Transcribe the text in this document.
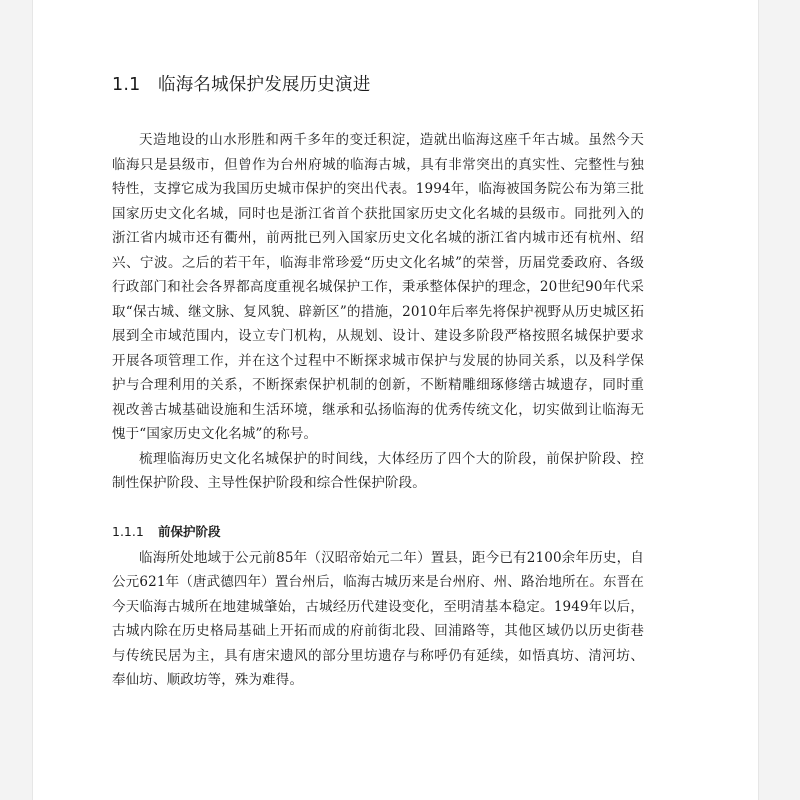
1.1 临海名城保护发展历史演进

天造地设的山水形胜和两千多年的变迁积淀，造就出临海这座千年古城。虽然今天临海只是县级市，但曾作为台州府城的临海古城，具有非常突出的真实性、完整性与独特性，支撑它成为我国历史城市保护的突出代表。1994年，临海被国务院公布为第三批国家历史文化名城，同时也是浙江省首个获批国家历史文化名城的县级市。同批列入的浙江省内城市还有衢州，前两批已列入国家历史文化名城的浙江省内城市还有杭州、绍兴、宁波。之后的若干年，临海非常珍爱“历史文化名城”的荣誉，历届党委政府、各级行政部门和社会各界都高度重视名城保护工作，秉承整体保护的理念，20世纪90年代采取“保古城、继文脉、复风貌、辟新区”的措施，2010年后率先将保护视野从历史城区拓展到全市域范围内，设立专门机构，从规划、设计、建设多阶段严格按照名城保护要求开展各项管理工作，并在这个过程中不断探求城市保护与发展的协同关系，以及科学保护与合理利用的关系，不断探索保护机制的创新，不断精雕细琢修缮古城遗存，同时重视改善古城基础设施和生活环境，继承和弘扬临海的优秀传统文化，切实做到让临海无愧于“国家历史文化名城”的称号。

梳理临海历史文化名城保护的时间线，大体经历了四个大的阶段，前保护阶段、控制性保护阶段、主导性保护阶段和综合性保护阶段。

1.1.1 前保护阶段

临海所处地域于公元前85年（汉昭帝始元二年）置县，距今已有2100余年历史，自公元621年（唐武德四年）置台州后，临海古城历来是台州府、州、路治地所在。东晋在今天临海古城所在地建城肇始，古城经历代建设变化，至明清基本稳定。1949年以后，古城内除在历史格局基础上开拓而成的府前街北段、回浦路等，其他区域仍以历史街巷与传统民居为主，具有唐宋遗风的部分里坊遗存与称呼仍有延续，如悟真坊、清河坊、奉仙坊、顺政坊等，殊为难得。
